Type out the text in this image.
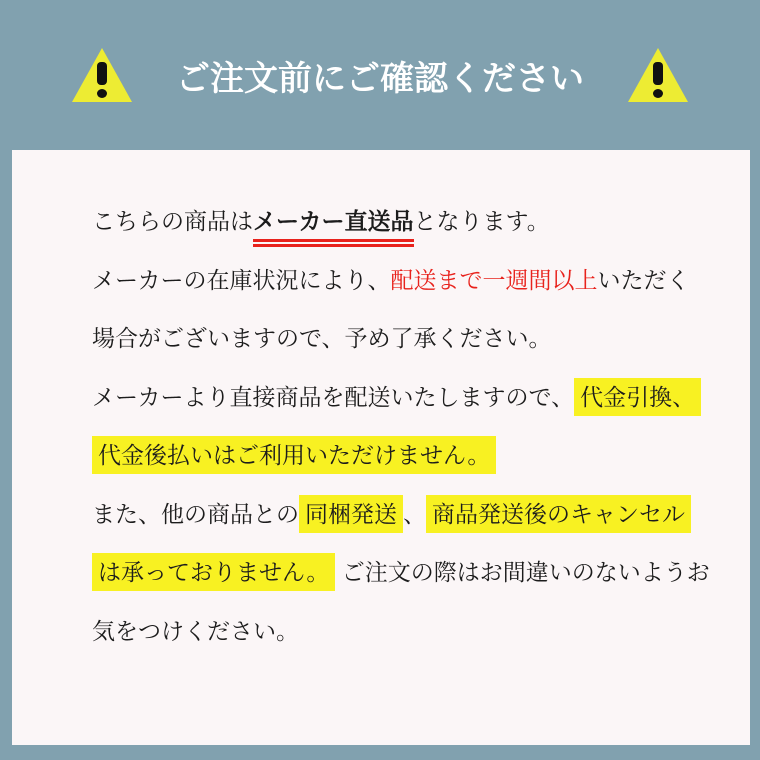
ご注文前にご確認ください
こちらの商品はメーカー直送品となります。
メーカーの在庫状況により、配送まで一週間以上いただく
場合がございますので、予め了承ください。
メーカーより直接商品を配送いたしますので、 代金引換、
代金後払いはご利用いただけません。
また、他の商品との 同梱発送 、 商品発送後のキャンセル
は承っておりません。 ご注文の際はお間違いのないようお
気をつけください。
